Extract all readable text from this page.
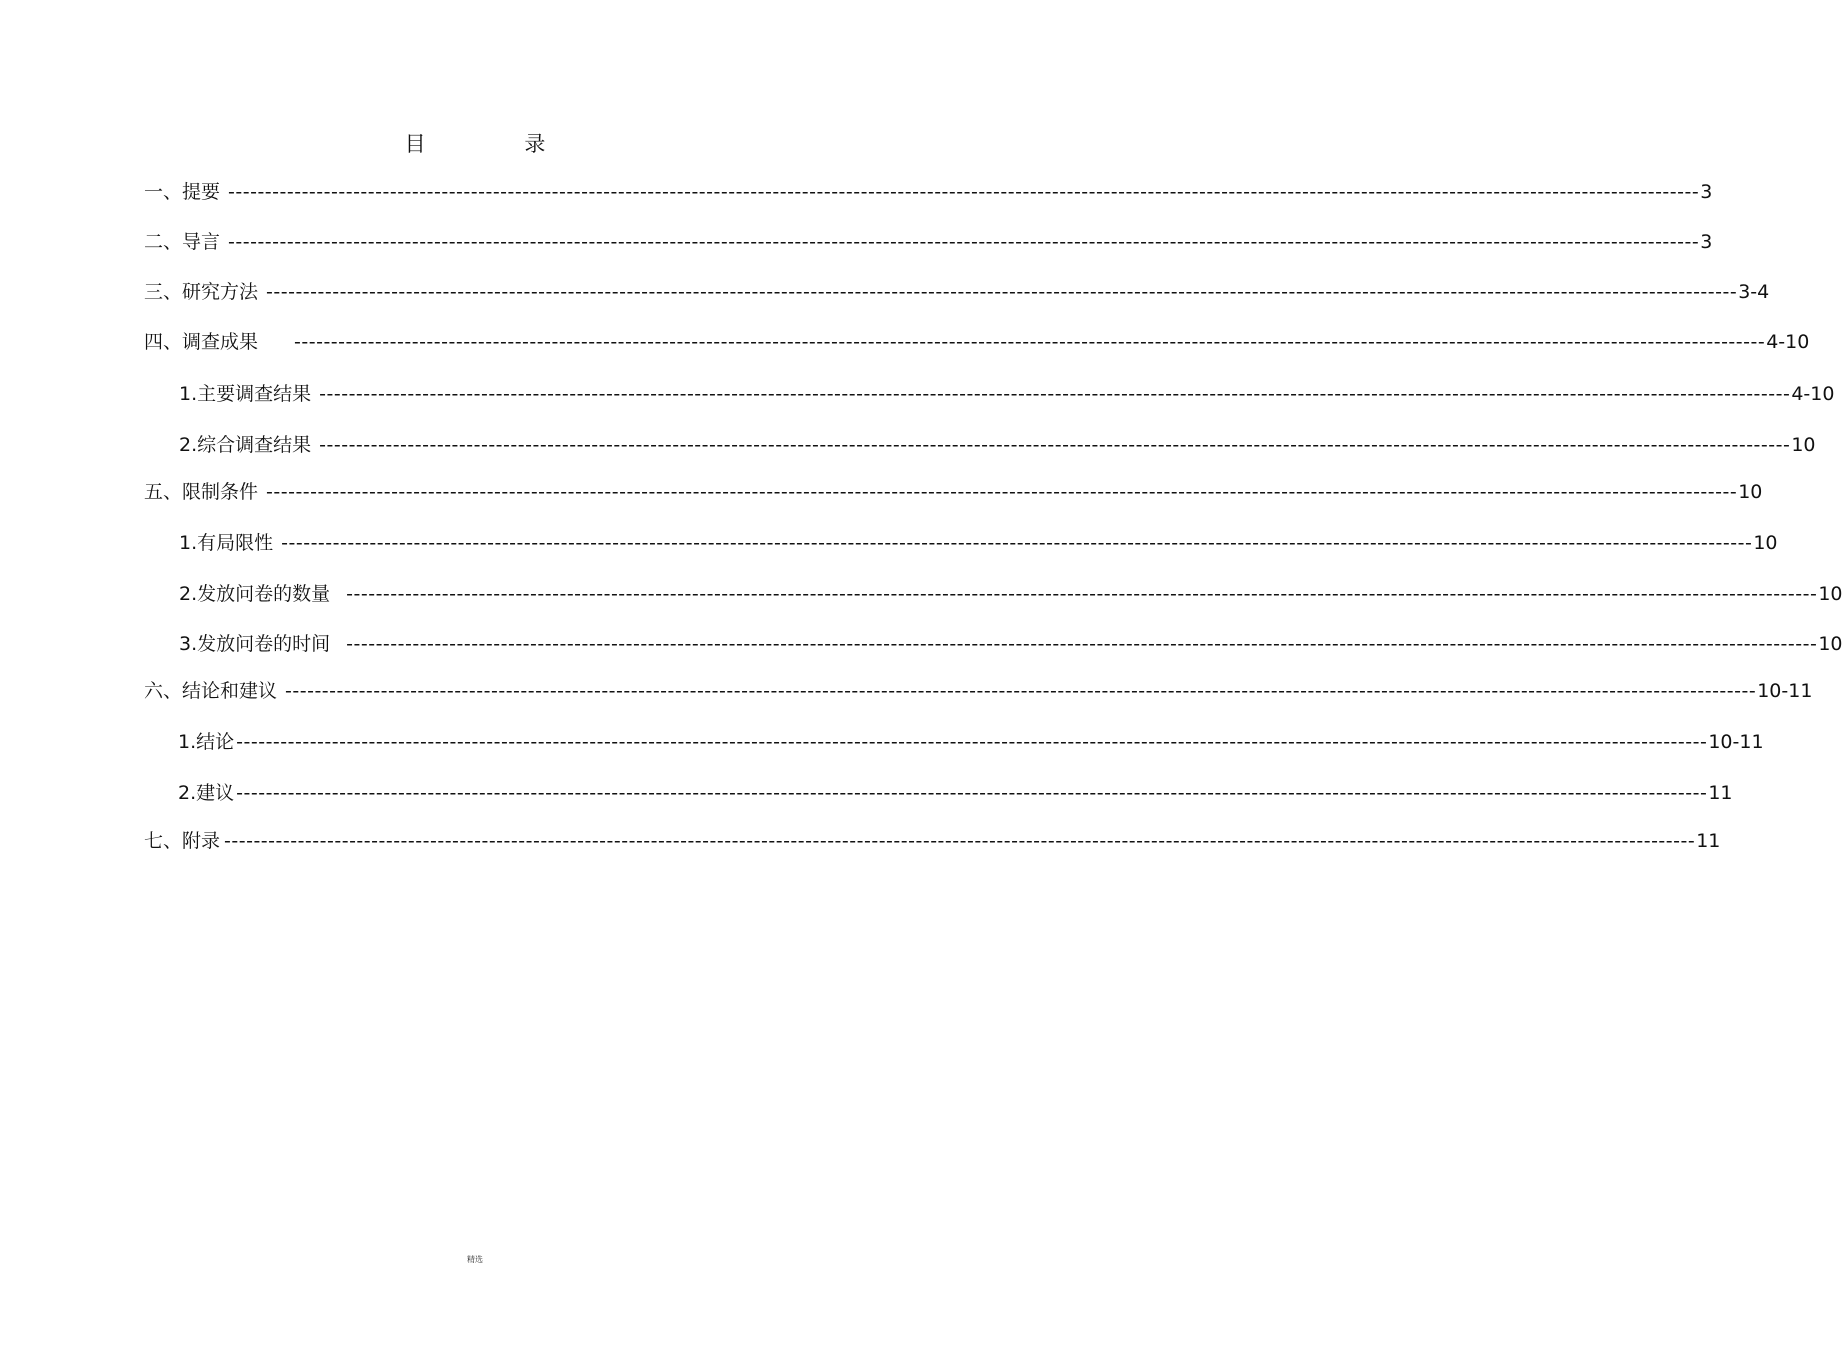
目 录
一、提要 -------------------------------------------------------------------------------------------------------------------------------------------------------------------------------------------------------- 3
二、导言 -------------------------------------------------------------------------------------------------------------------------------------------------------------------------------------------------------- 3
三、研究方法 -------------------------------------------------------------------------------------------------------------------------------------------------------------------------------------------------------- 3-4
四、调查成果 -------------------------------------------------------------------------------------------------------------------------------------------------------------------------------------------------------- 4-10
1.主要调查结果 -------------------------------------------------------------------------------------------------------------------------------------------------------------------------------------------------------- 4-10
2.综合调查结果 -------------------------------------------------------------------------------------------------------------------------------------------------------------------------------------------------------- 10
五、限制条件 -------------------------------------------------------------------------------------------------------------------------------------------------------------------------------------------------------- 10
1.有局限性 -------------------------------------------------------------------------------------------------------------------------------------------------------------------------------------------------------- 10
2.发放问卷的数量 -------------------------------------------------------------------------------------------------------------------------------------------------------------------------------------------------------- 10
3.发放问卷的时间 -------------------------------------------------------------------------------------------------------------------------------------------------------------------------------------------------------- 10
六、结论和建议 -------------------------------------------------------------------------------------------------------------------------------------------------------------------------------------------------------- 10-11
1.结论 -------------------------------------------------------------------------------------------------------------------------------------------------------------------------------------------------------- 10-11
2.建议 -------------------------------------------------------------------------------------------------------------------------------------------------------------------------------------------------------- 11
七、附录 -------------------------------------------------------------------------------------------------------------------------------------------------------------------------------------------------------- 11
精选
